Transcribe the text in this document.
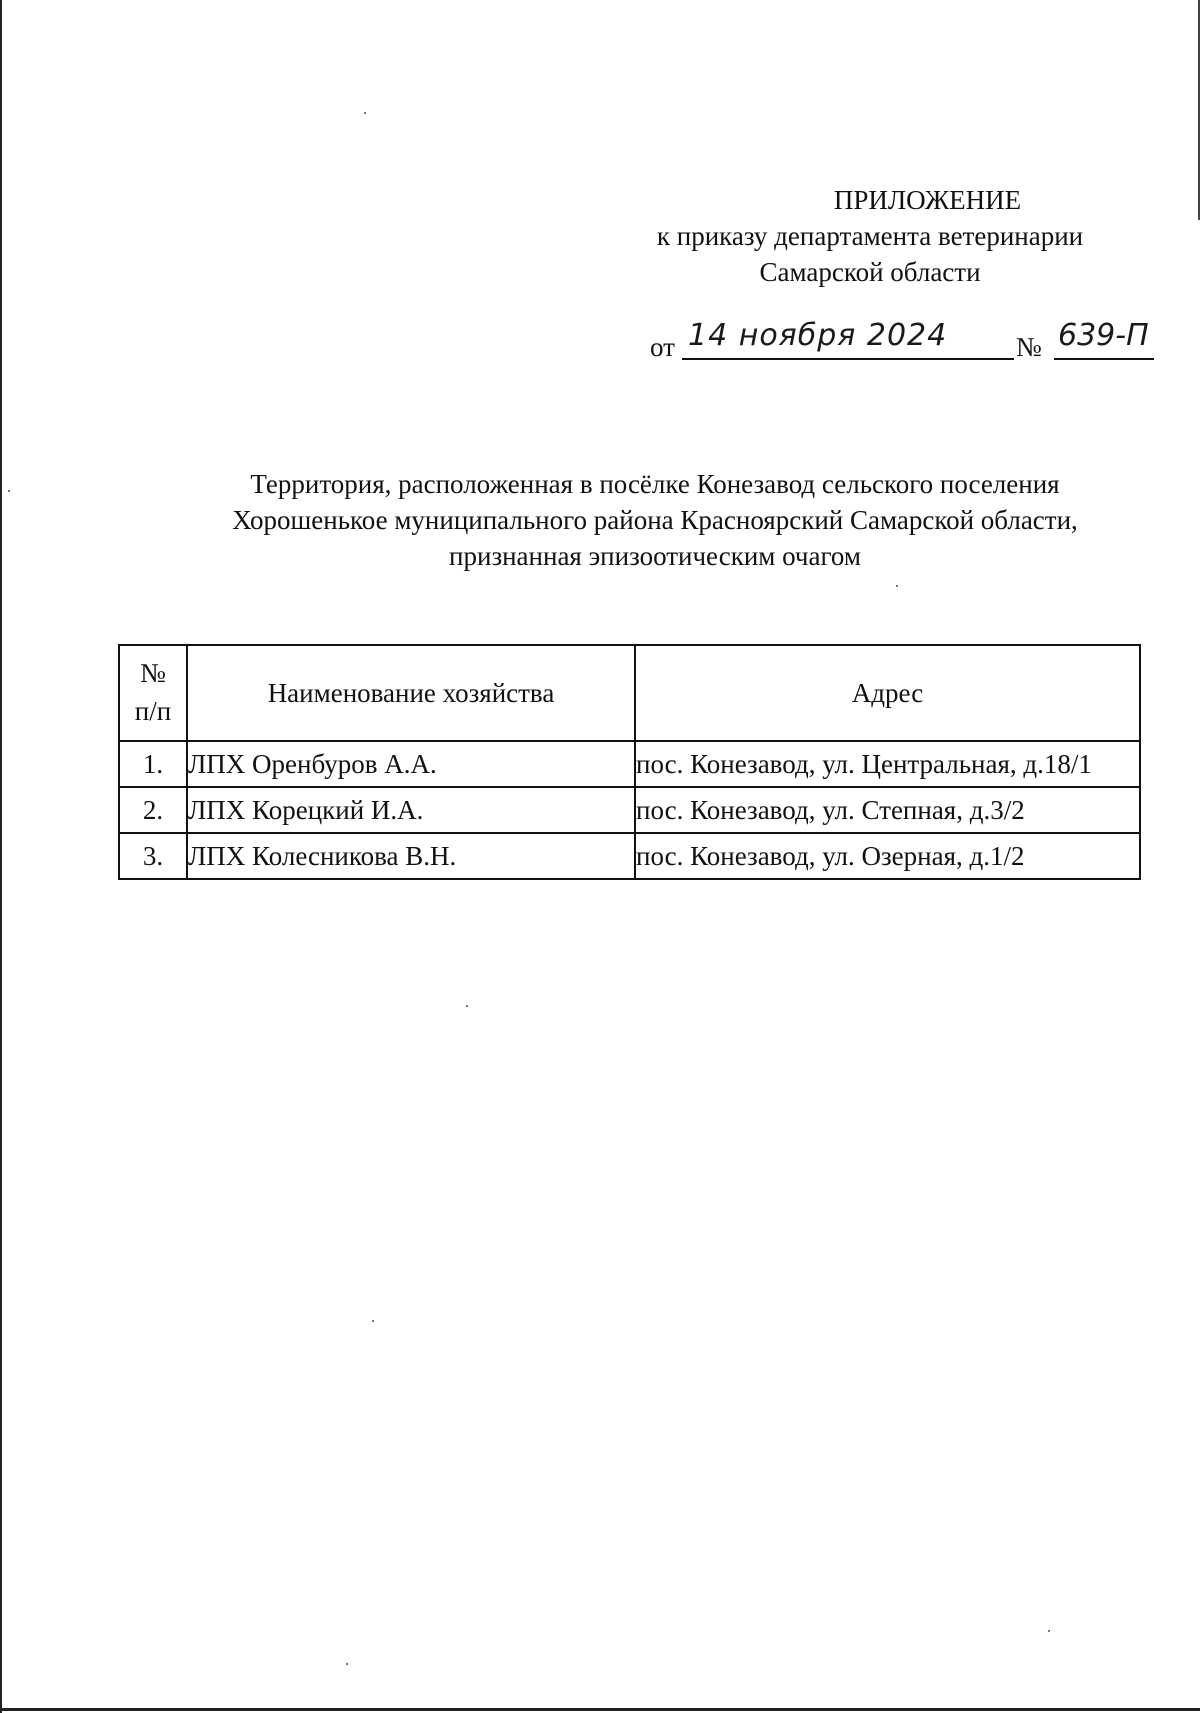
ПРИЛОЖЕНИЕ
к приказу департамента ветеринарии
Самарской области
от 14 ноября 2024	№ 639-П
Территория, расположенная в посёлке Конезавод сельского поселения
Хорошенькое муниципального района Красноярский Самарской области,
признанная эпизоотическим очагом
№
п/п	Наименование хозяйства	Адрес
1.	ЛПХ Оренбуров А.А.	пос. Конезавод, ул. Центральная, д.18/1
2.	ЛПХ Корецкий И.А.	пос. Конезавод, ул. Степная, д.3/2
3.	ЛПХ Колесникова В.Н.	пос. Конезавод, ул. Озерная, д.1/2
